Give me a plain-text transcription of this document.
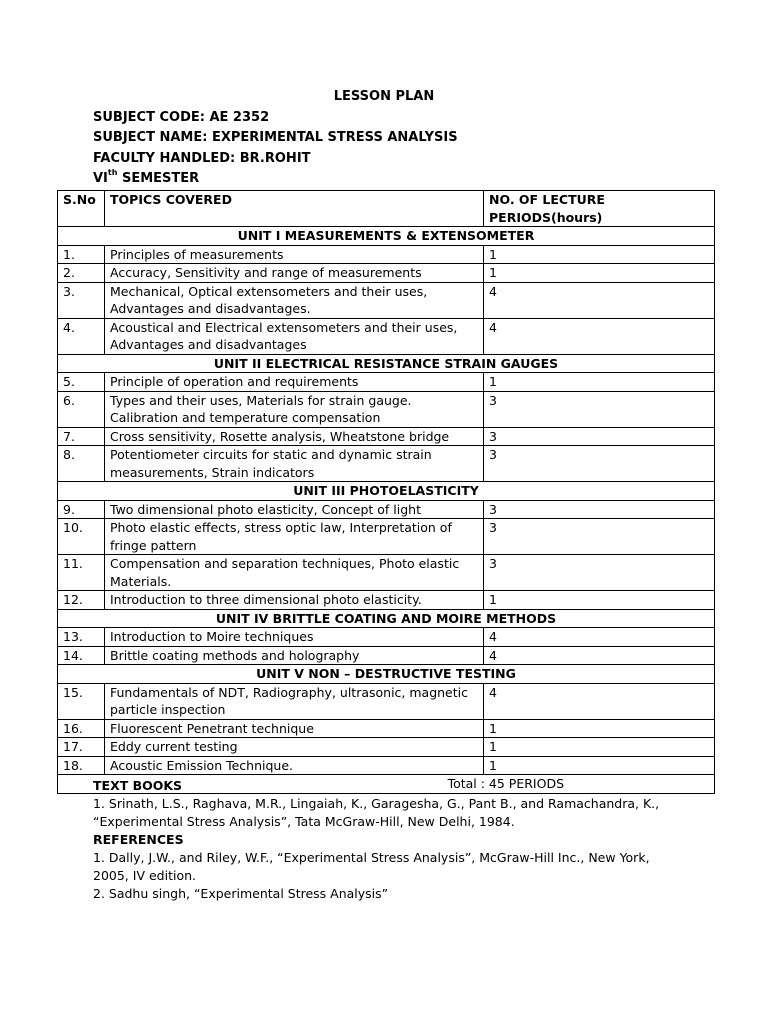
LESSON PLAN
SUBJECT CODE: AE 2352
SUBJECT NAME: EXPERIMENTAL STRESS ANALYSIS
FACULTY HANDLED: BR.ROHIT
VIth SEMESTER
S.No	TOPICS COVERED	NO. OF LECTURE PERIODS(hours)
UNIT I MEASUREMENTS & EXTENSOMETER		
1.	Principles of measurements	1
2.	Accuracy, Sensitivity and range of measurements	1
3.	Mechanical, Optical extensometers and their uses,
Advantages and disadvantages.	4
4.	Acoustical and Electrical extensometers and their uses,
Advantages and disadvantages	4
UNIT II ELECTRICAL RESISTANCE STRAIN GAUGES		
5.	Principle of operation and requirements	1
6.	Types and their uses, Materials for strain gauge.
Calibration and temperature compensation	3
7.	Cross sensitivity, Rosette analysis, Wheatstone bridge	3
8.	Potentiometer circuits for static and dynamic strain
measurements, Strain indicators	3
UNIT III PHOTOELASTICITY		
9.	Two dimensional photo elasticity, Concept of light	3
10.	Photo elastic effects, stress optic law, Interpretation of
fringe pattern	3
11.	Compensation and separation techniques, Photo elastic
Materials.	3
12.	Introduction to three dimensional photo elasticity.	1
UNIT IV BRITTLE COATING AND MOIRE METHODS		
13.	Introduction to Moire techniques	4
14.	Brittle coating methods and holography	4
UNIT V NON – DESTRUCTIVE TESTING		
15.	Fundamentals of NDT, Radiography, ultrasonic, magnetic
particle inspection	4
16.	Fluorescent Penetrant technique	1
17.	Eddy current testing	1
18.	Acoustic Emission Technique.	1
Total : 45 PERIODS		
TEXT BOOKS
1. Srinath, L.S., Raghava, M.R., Lingaiah, K., Garagesha, G., Pant B., and Ramachandra, K.,
“Experimental Stress Analysis”, Tata McGraw-Hill, New Delhi, 1984.
REFERENCES
1. Dally, J.W., and Riley, W.F., “Experimental Stress Analysis”, McGraw-Hill Inc., New York,
2005, IV edition.
2. Sadhu singh, “Experimental Stress Analysis”
